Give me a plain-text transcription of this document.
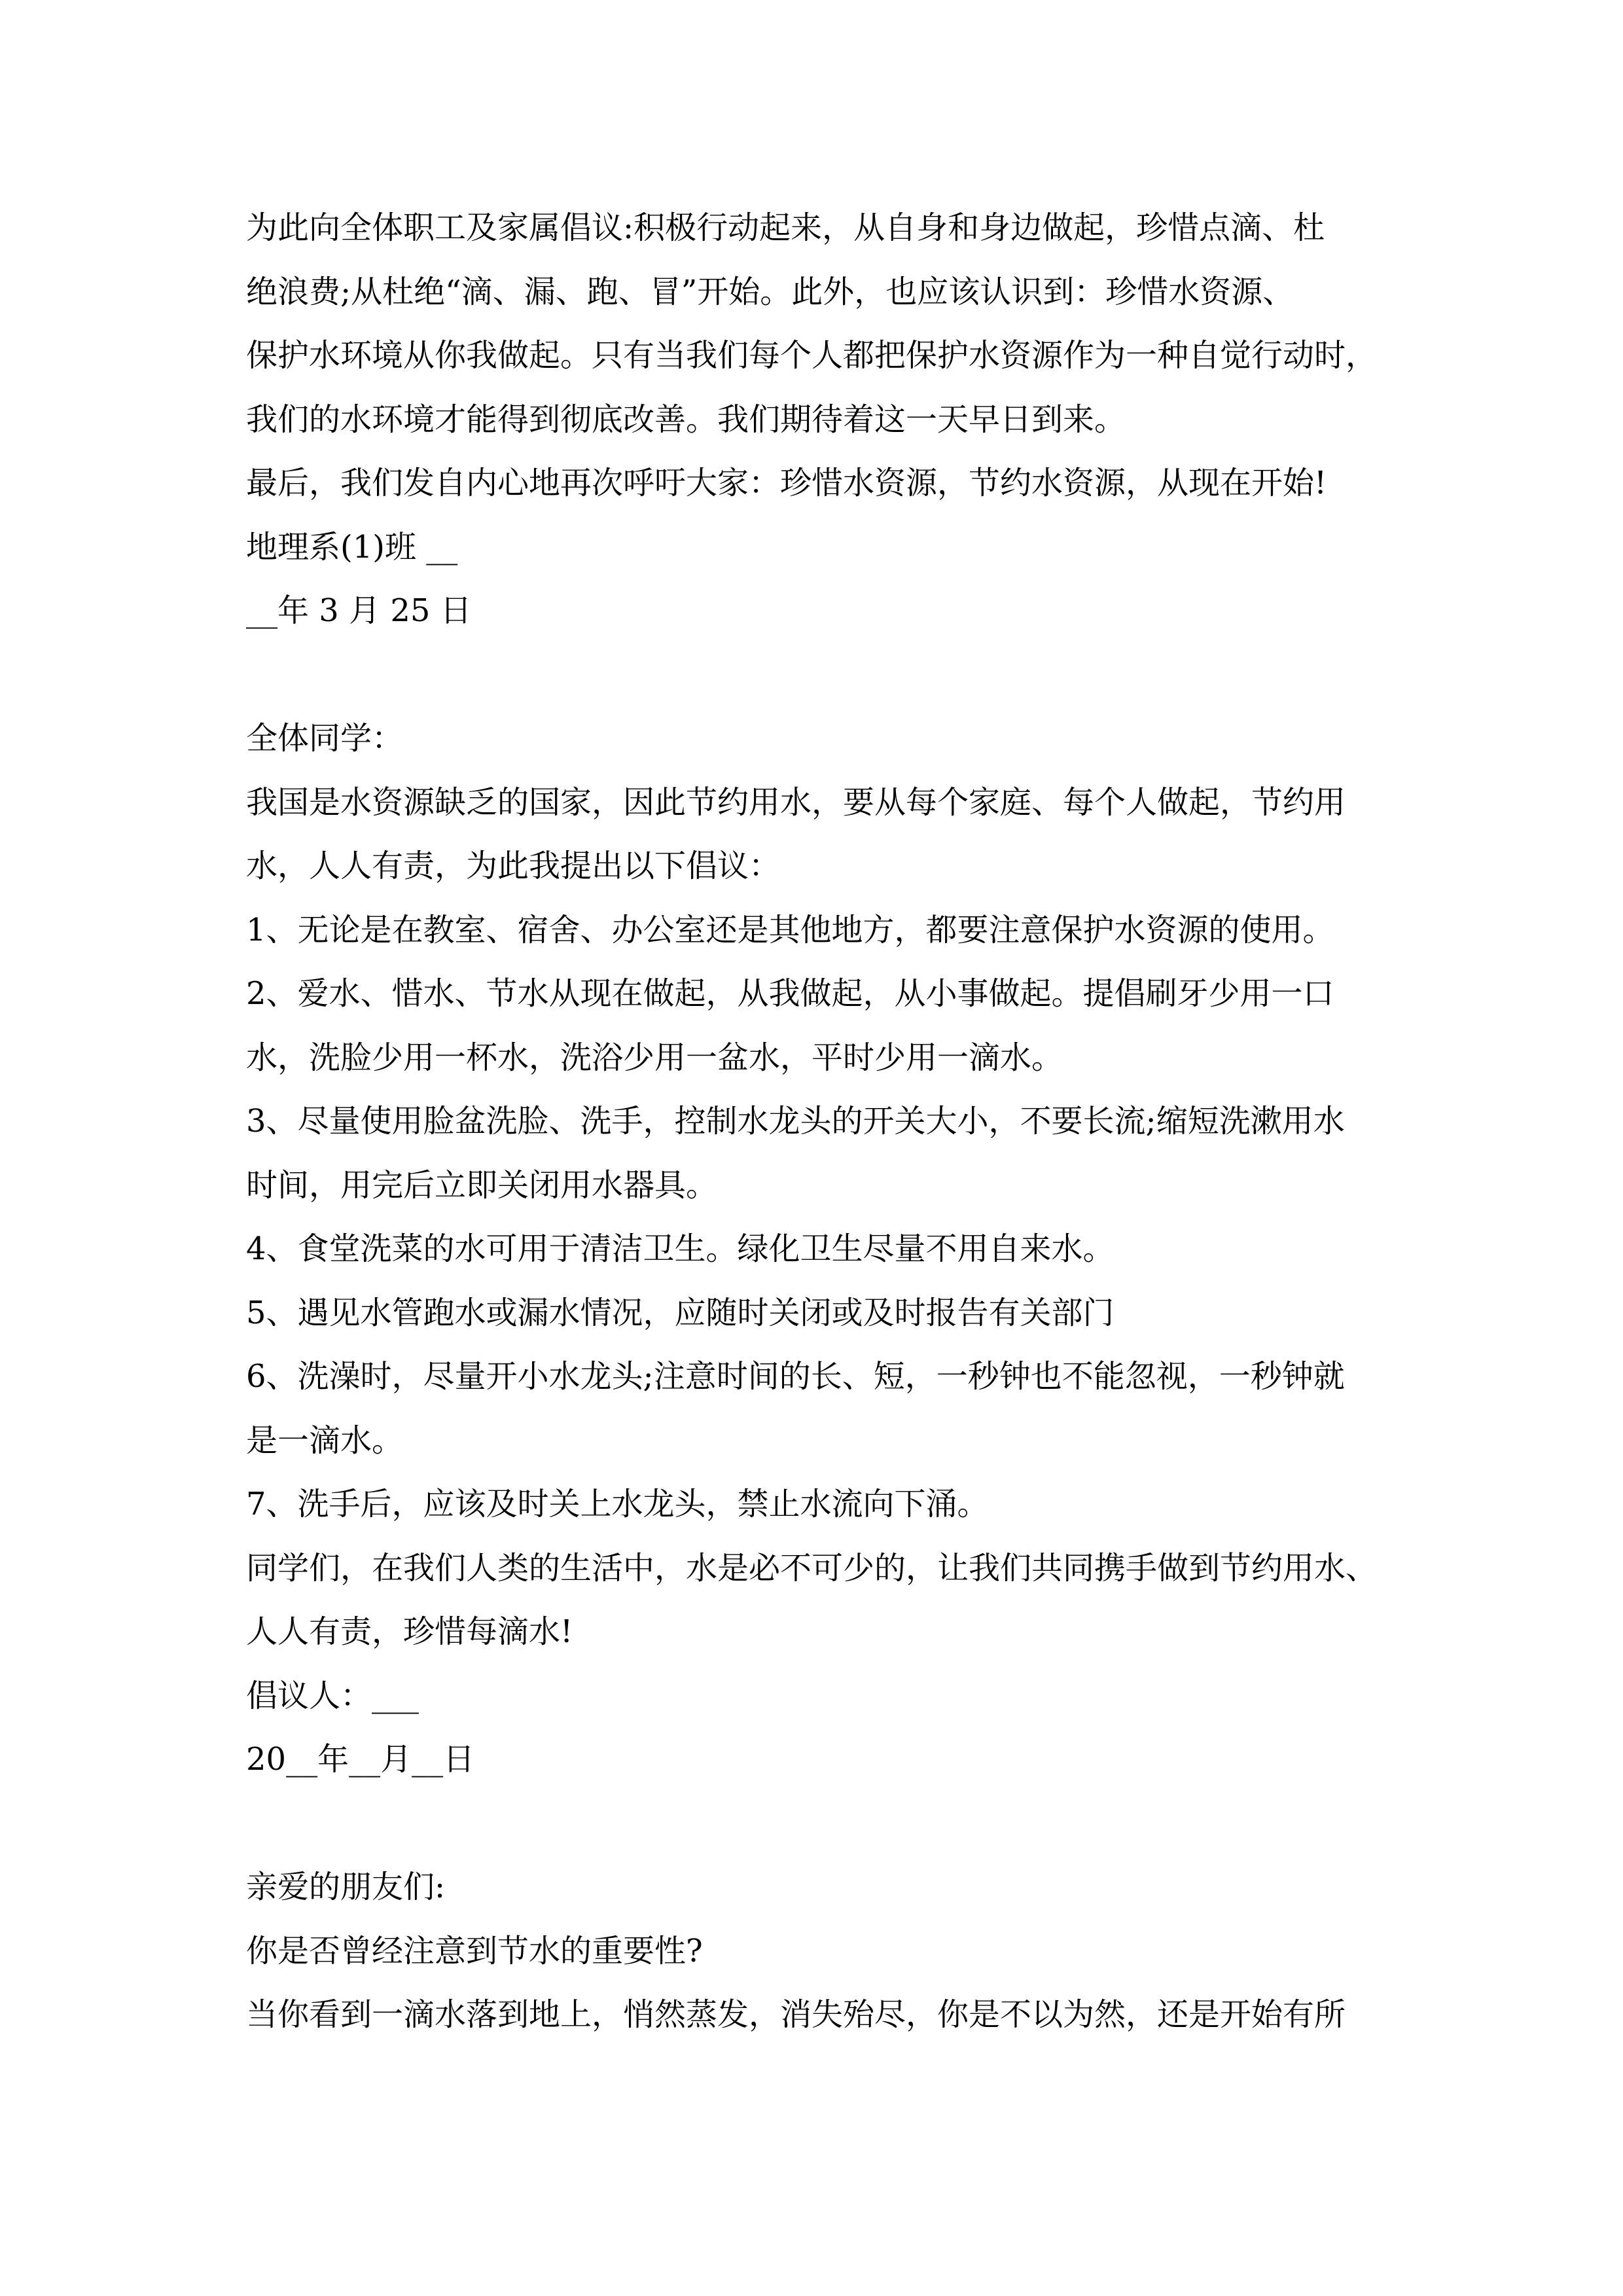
为此向全体职工及家属倡议:积极行动起来，从自身和身边做起，珍惜点滴、杜
绝浪费;从杜绝“滴、漏、跑、冒”开始。此外，也应该认识到：珍惜水资源、
保护水环境从你我做起。只有当我们每个人都把保护水资源作为一种自觉行动时，
我们的水环境才能得到彻底改善。我们期待着这一天早日到来。
最后，我们发自内心地再次呼吁大家：珍惜水资源，节约水资源，从现在开始!
地理系(1)班 __
__年 3 月 25 日
全体同学：
我国是水资源缺乏的国家，因此节约用水，要从每个家庭、每个人做起，节约用
水，人人有责，为此我提出以下倡议：
1、无论是在教室、宿舍、办公室还是其他地方，都要注意保护水资源的使用。
2、爱水、惜水、节水从现在做起，从我做起，从小事做起。提倡刷牙少用一口
水，洗脸少用一杯水，洗浴少用一盆水，平时少用一滴水。
3、尽量使用脸盆洗脸、洗手，控制水龙头的开关大小，不要长流;缩短洗漱用水
时间，用完后立即关闭用水器具。
4、食堂洗菜的水可用于清洁卫生。绿化卫生尽量不用自来水。
5、遇见水管跑水或漏水情况，应随时关闭或及时报告有关部门
6、洗澡时，尽量开小水龙头;注意时间的长、短，一秒钟也不能忽视，一秒钟就
是一滴水。
7、洗手后，应该及时关上水龙头，禁止水流向下涌。
同学们，在我们人类的生活中，水是必不可少的，让我们共同携手做到节约用水、
人人有责，珍惜每滴水!
倡议人：___
20__年__月__日
亲爱的朋友们:
你是否曾经注意到节水的重要性?
当你看到一滴水落到地上，悄然蒸发，消失殆尽，你是不以为然，还是开始有所
